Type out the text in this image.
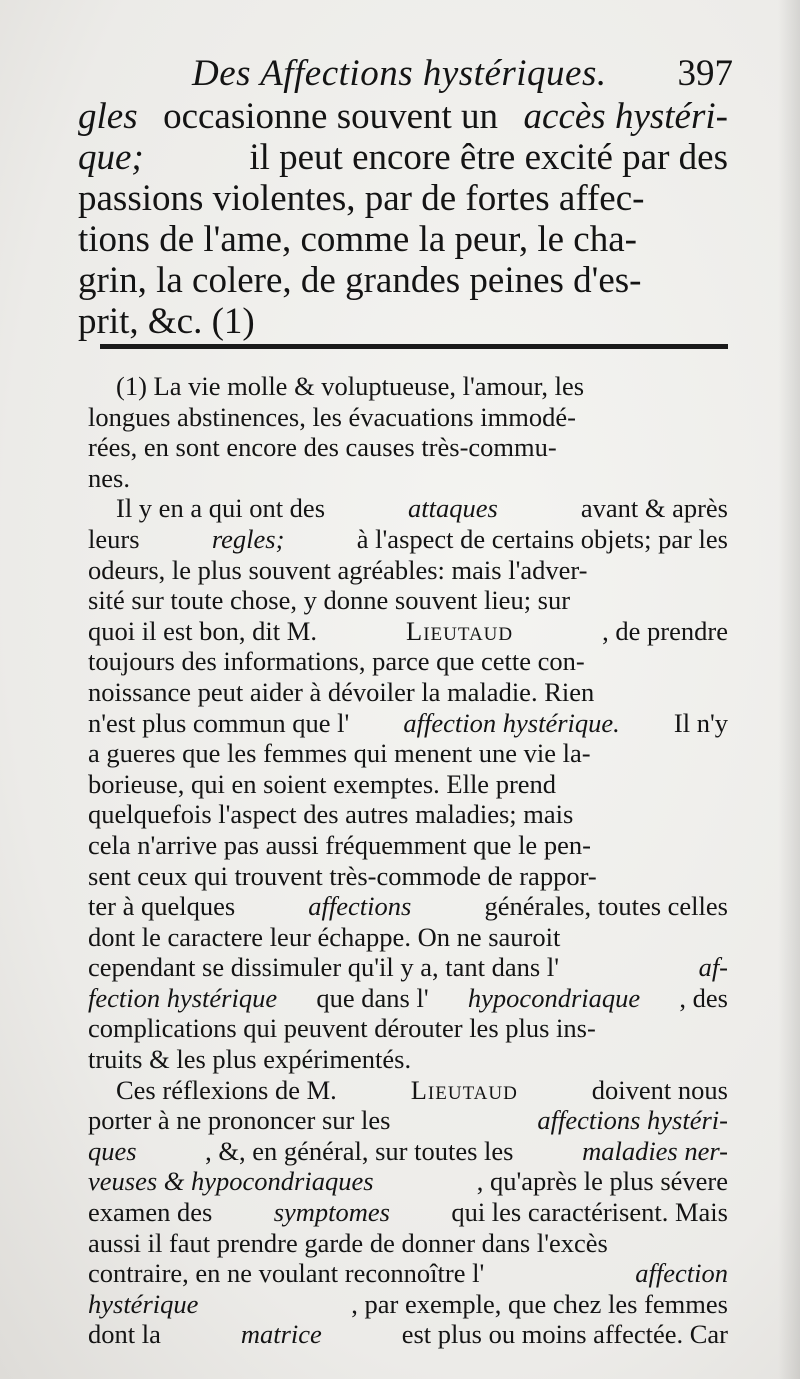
Des Affections hystériques. 397
gles occasionne souvent un accès hystéri-
que;	il peut encore être excité par des
passions violentes, par de fortes affec-
tions de l'ame, comme la peur, le cha-
grin, la colere, de grandes peines d'es-
prit, &c. (1)
(1) La vie molle & voluptueuse, l'amour, les
longues abstinences, les évacuations immodé-
rées, en sont encore des causes très-commu-
nes.
Il y en a qui ont des	attaques	avant & après
leurs	regles;	à l'aspect de certains objets; par les
odeurs, le plus souvent agréables: mais l'adver-
sité sur toute chose, y donne souvent lieu; sur
quoi il est bon, dit M.	Lieutaud	, de prendre
toujours des informations, parce que cette con-
noissance peut aider à dévoiler la maladie. Rien
n'est plus commun que l' affection hystérique. Il n'y
a gueres que les femmes qui menent une vie la-
borieuse, qui en soient exemptes. Elle prend
quelquefois l'aspect des autres maladies; mais
cela n'arrive pas aussi fréquemment que le pen-
sent ceux qui trouvent très-commode de rappor-
ter à quelques	affections	générales, toutes celles
dont le caractere leur échappe. On ne sauroit
cependant se dissimuler qu'il y a, tant dans l'	af-
fection hystérique que dans l' hypocondriaque , des
complications qui peuvent dérouter les plus ins-
truits & les plus expérimentés.
Ces réflexions de M.	Lieutaud	doivent nous
porter à ne prononcer sur les	affections hystéri-
ques	, &, en général, sur toutes les	maladies ner-
veuses & hypocondriaques	, qu'après le plus sévere
examen des symptomes qui les caractérisent. Mais
aussi il faut prendre garde de donner dans l'excès
contraire, en ne voulant reconnoître l'	affection
hystérique	, par exemple, que chez les femmes
dont la	matrice	est plus ou moins affectée. Car
